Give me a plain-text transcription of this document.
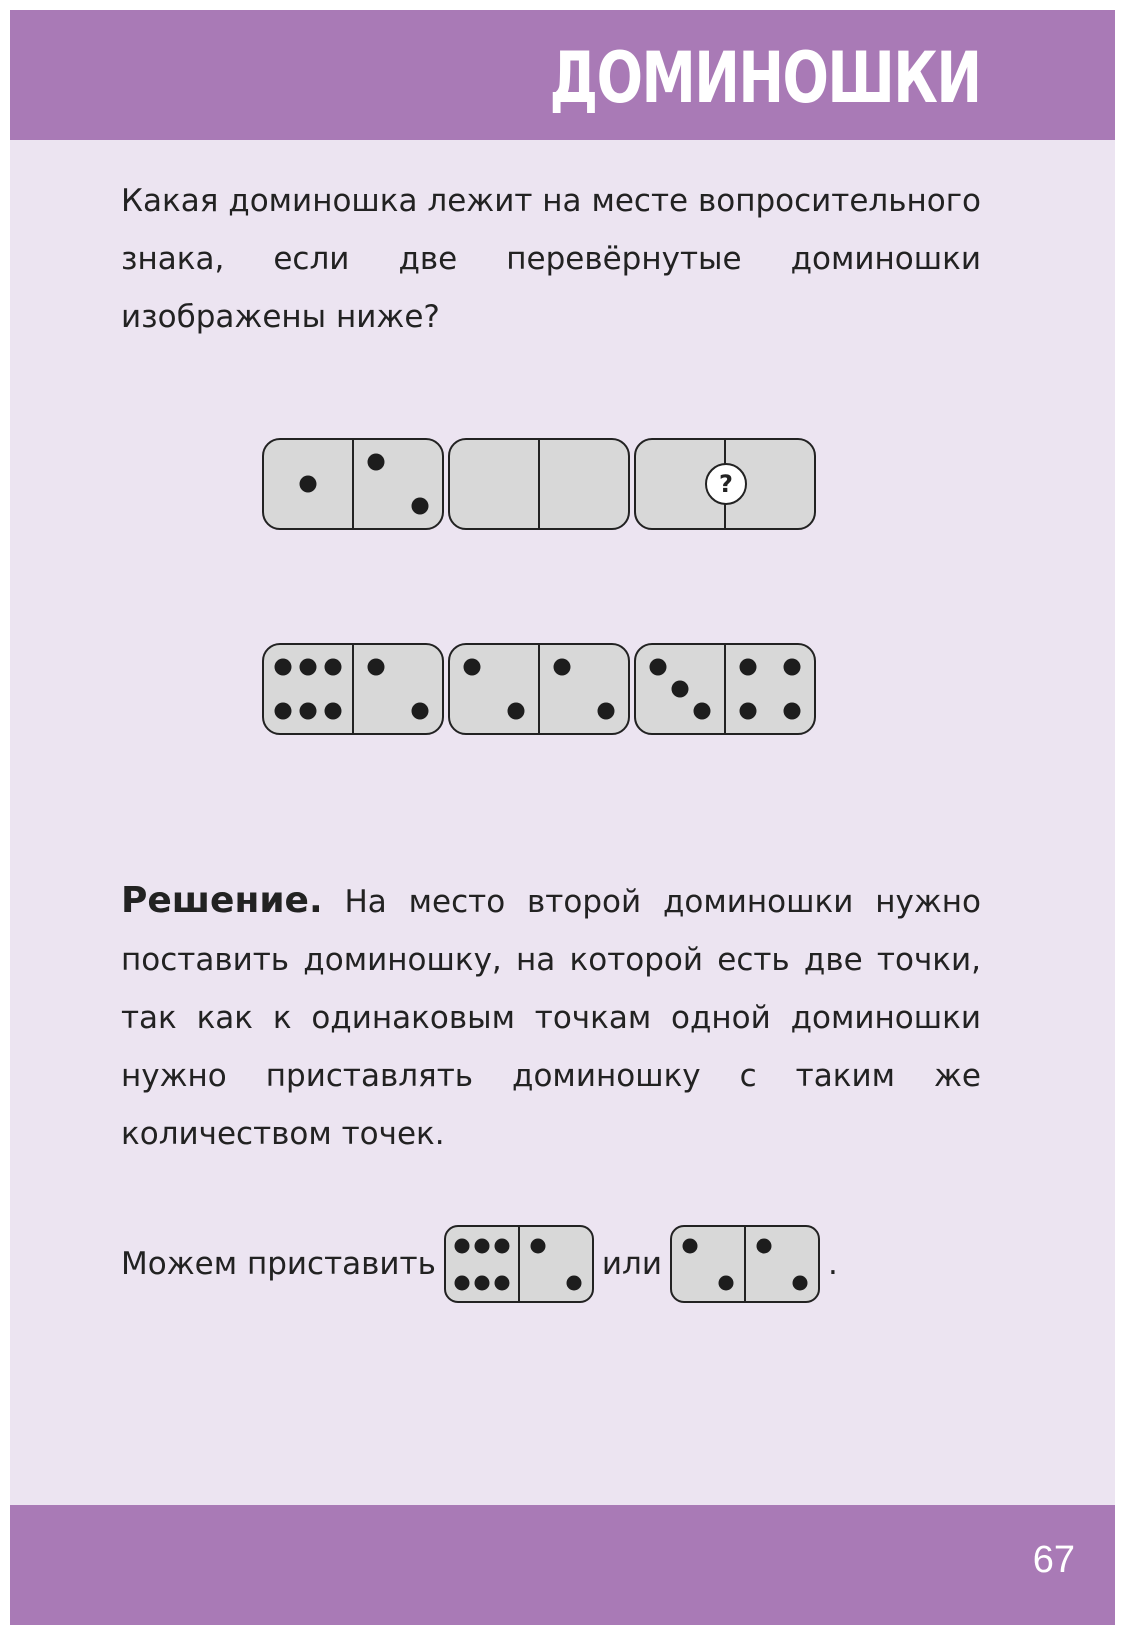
ДОМИНОШКИ

Какая доминошка лежит на месте вопросительного знака, если две перевёрнутые доминошки изображены ниже?

?

Решение. На место второй доминошки нужно поставить доминошку, на которой есть две точки, так как к одинаковым точкам одной доминошки нужно приставлять доминошку с таким же количеством точек.

Можем приставить	или	.
67
